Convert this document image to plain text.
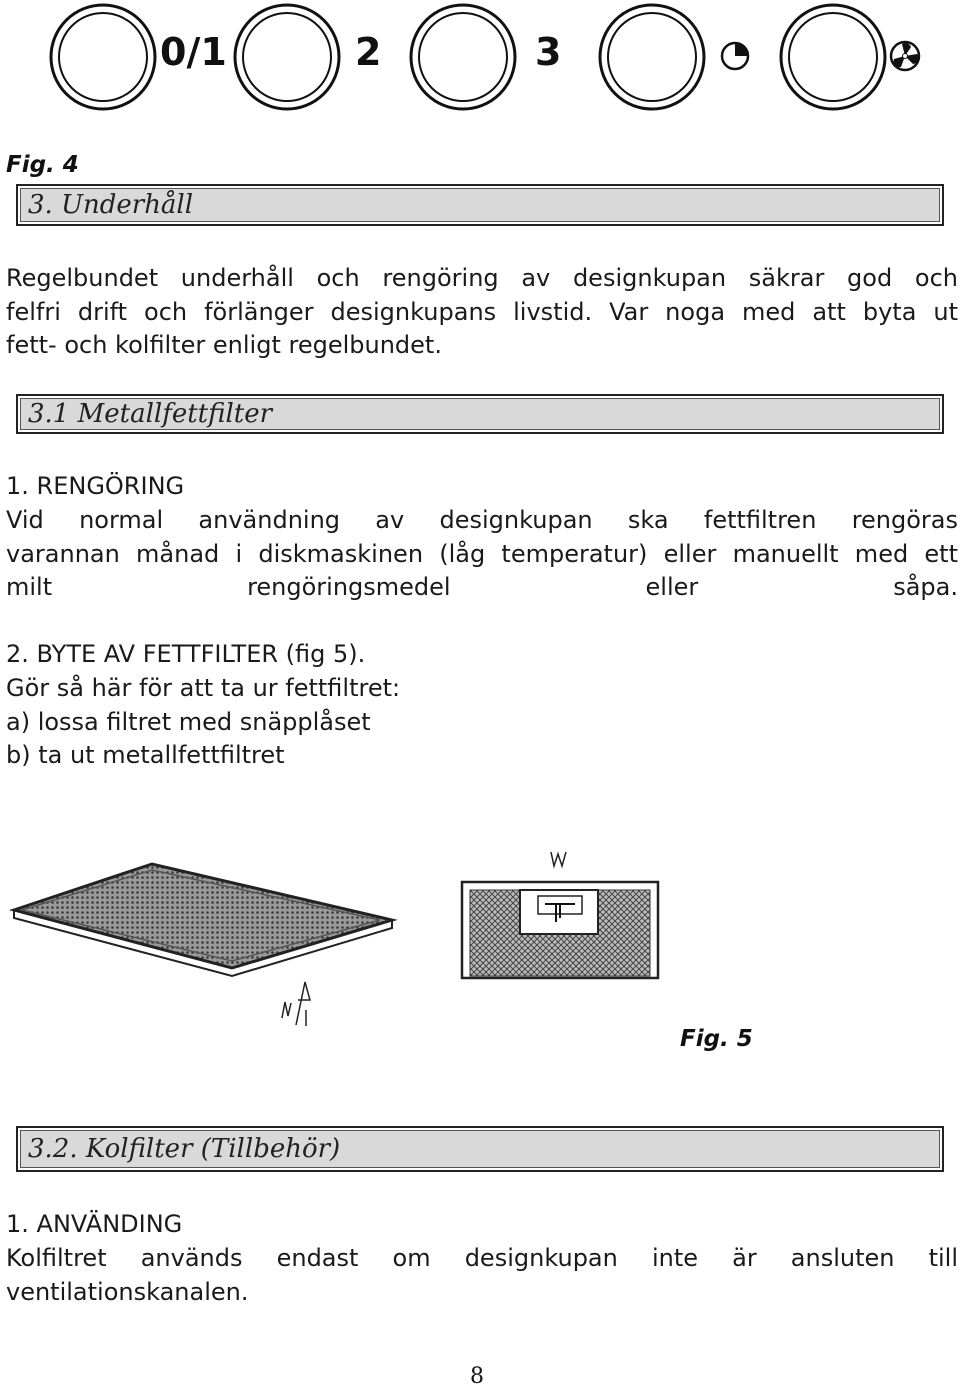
0/1	2	3
Fig. 4
3. Underhåll
Regelbundet underhåll och rengöring av designkupan säkrar god och
felfri drift och förlänger designkupans livstid. Var noga med att byta ut
fett- och kolfilter enligt regelbundet.
3.1 Metallfettfilter
1. RENGÖRING
Vid normal användning av designkupan ska fettfiltren rengöras
varannan månad i diskmaskinen (låg temperatur) eller manuellt med ett
milt rengöringsmedel eller såpa.
2. BYTE AV FETTFILTER (fig 5).
Gör så här för att ta ur fettfiltret:
a) lossa filtret med snäpplåset
b) ta ut metallfettfiltret
Fig. 5
3.2. Kolfilter (Tillbehör)
1. ANVÄNDING
Kolfiltret används endast om designkupan inte är ansluten till
ventilationskanalen.
8
